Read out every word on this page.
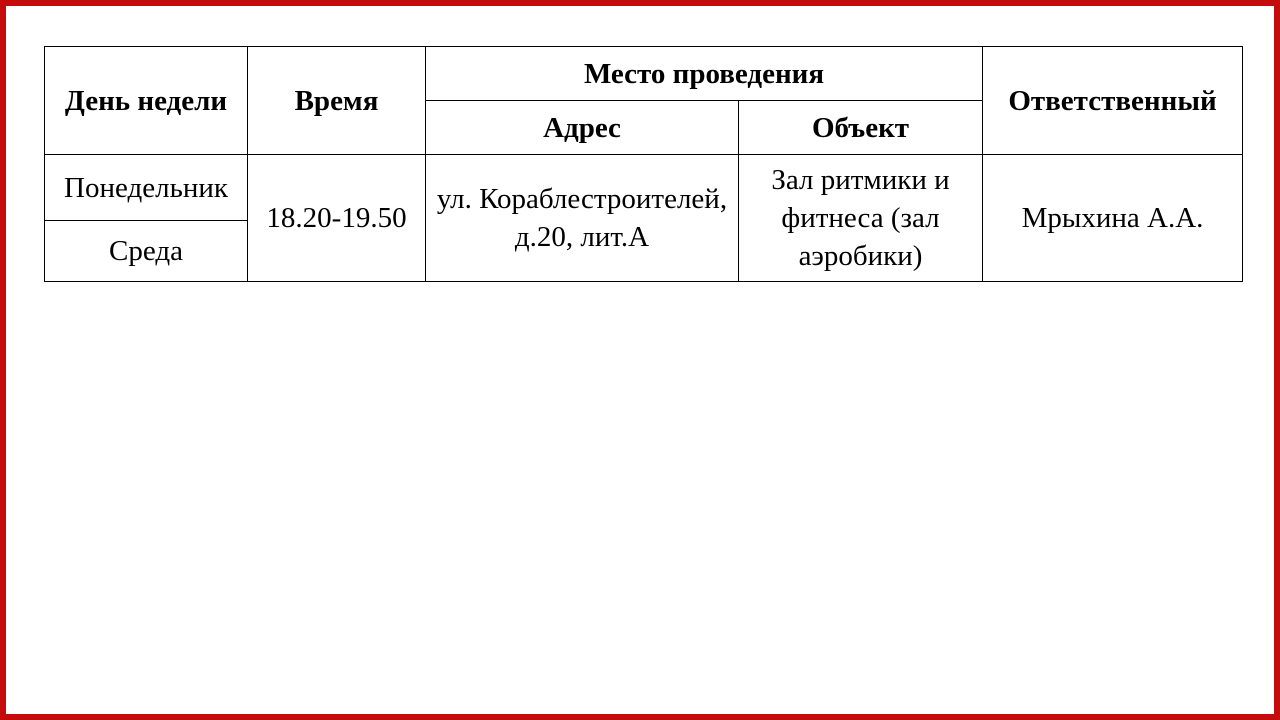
День недели	Время	Место проведения		Ответственный
		Адрес	Объект	
Понедельник	18.20-19.50	ул. Кораблестроителей, д.20, лит.А	Зал ритмики и фитнеса (зал аэробики)	Мрыхина А.А.
Среда				
